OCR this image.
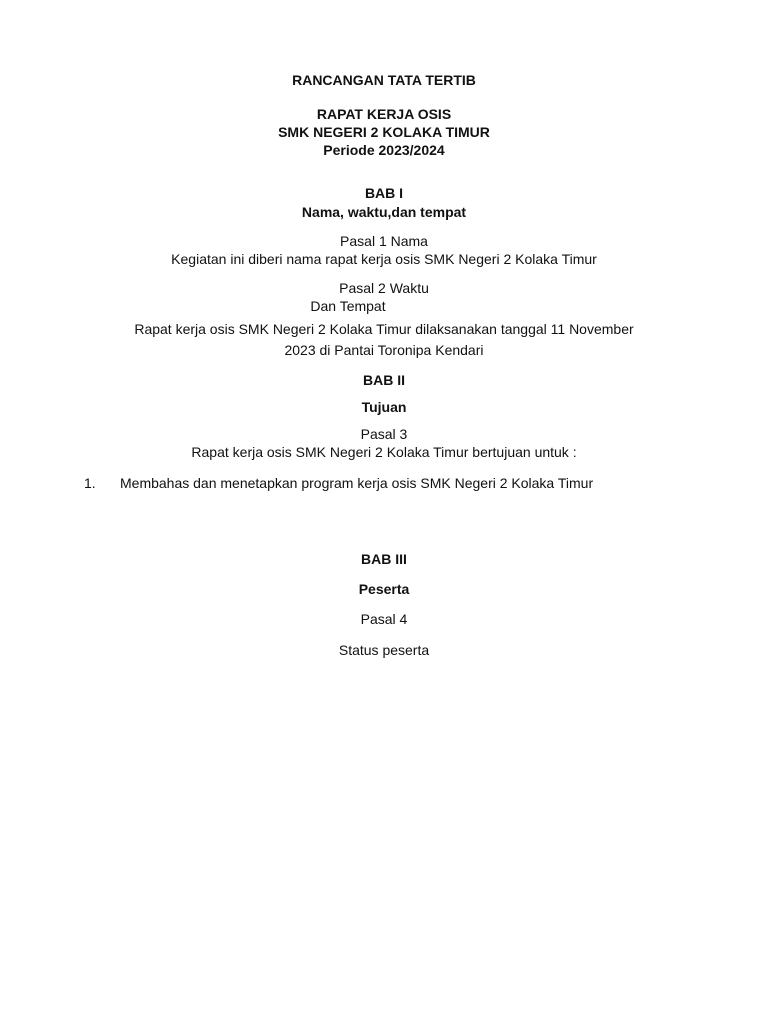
RANCANGAN TATA TERTIB
RAPAT KERJA OSIS
SMK NEGERI 2 KOLAKA TIMUR
Periode 2023/2024
BAB I
Nama, waktu,dan tempat
Pasal 1 Nama
Kegiatan ini diberi nama rapat kerja osis SMK Negeri 2 Kolaka Timur
Pasal 2 Waktu
Dan Tempat
Rapat kerja osis SMK Negeri 2 Kolaka Timur dilaksanakan tanggal 11 November
2023 di Pantai Toronipa Kendari
BAB II
Tujuan
Pasal 3
Rapat kerja osis SMK Negeri 2 Kolaka Timur bertujuan untuk :
1. Membahas dan menetapkan program kerja osis SMK Negeri 2 Kolaka Timur
BAB III
Peserta
Pasal 4
Status peserta
